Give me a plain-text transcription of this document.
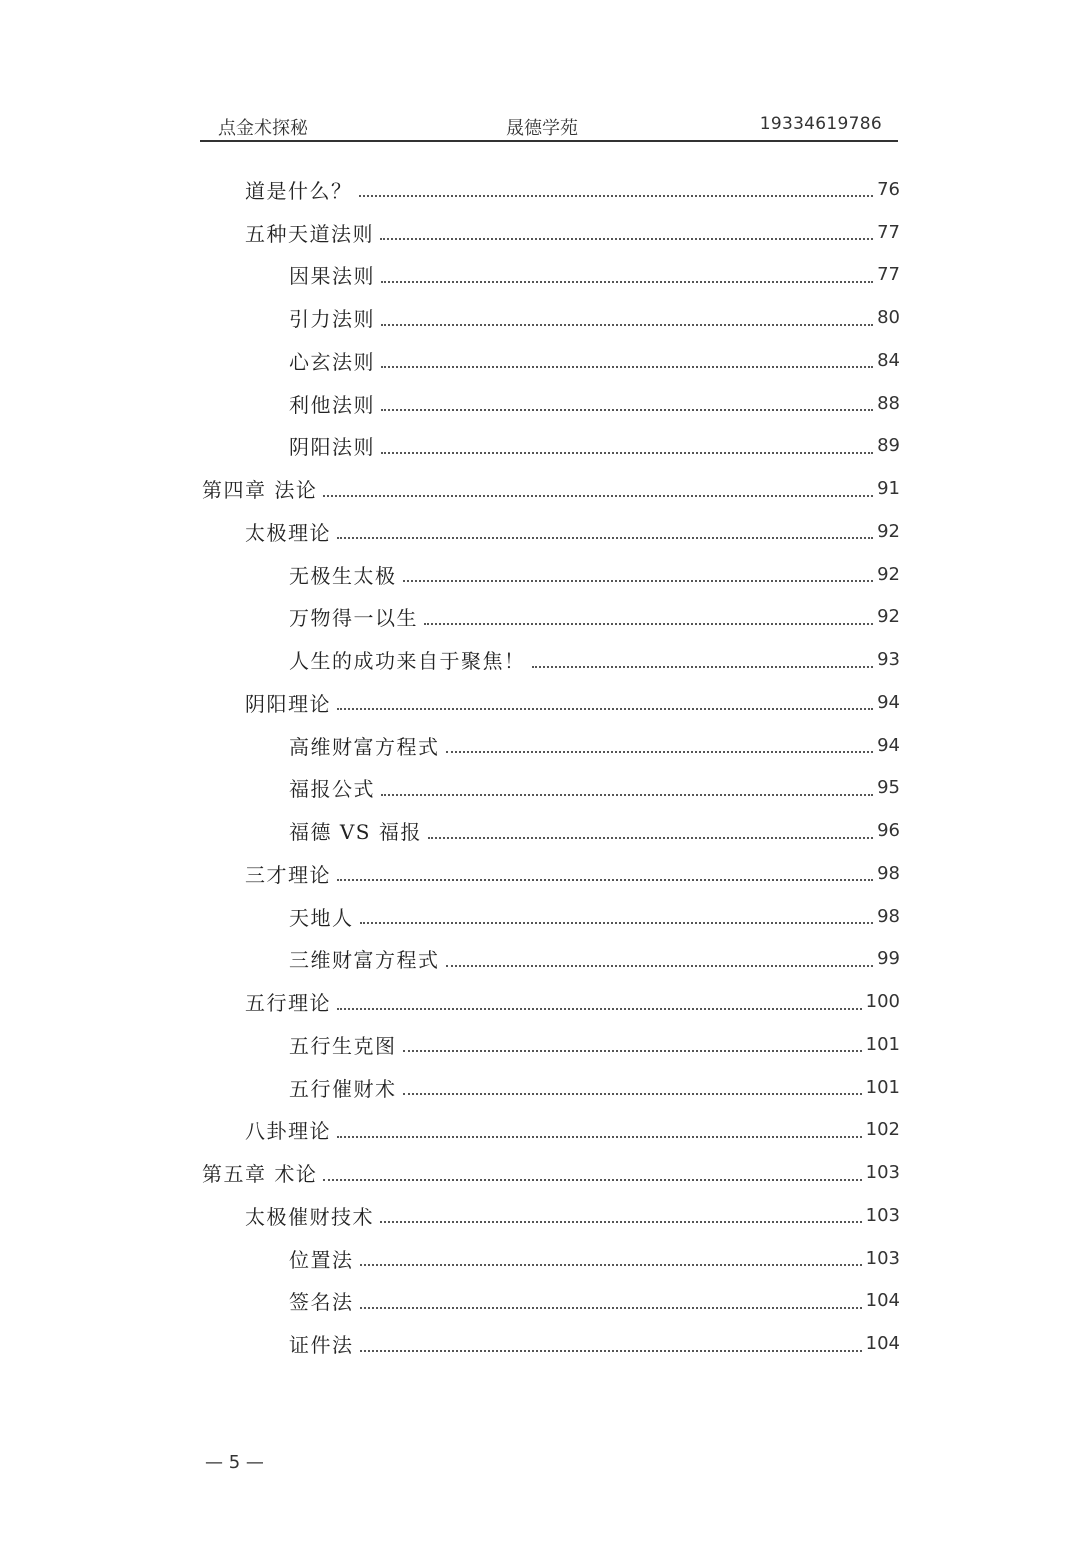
点金术探秘	晟德学苑	19334619786
道是什么？	76
五种天道法则	77
因果法则	77
引力法则	80
心玄法则	84
利他法则	88
阴阳法则	89
第四章 法论	91
太极理论	92
无极生太极	92
万物得一以生	92
人生的成功来自于聚焦！	93
阴阳理论	94
高维财富方程式	94
福报公式	95
福德 VS 福报	96
三才理论	98
天地人	98
三维财富方程式	99
五行理论	100
五行生克图	101
五行催财术	101
八卦理论	102
第五章 术论	103
太极催财技术	103
位置法	103
签名法	104
证件法	104
— 5 —
